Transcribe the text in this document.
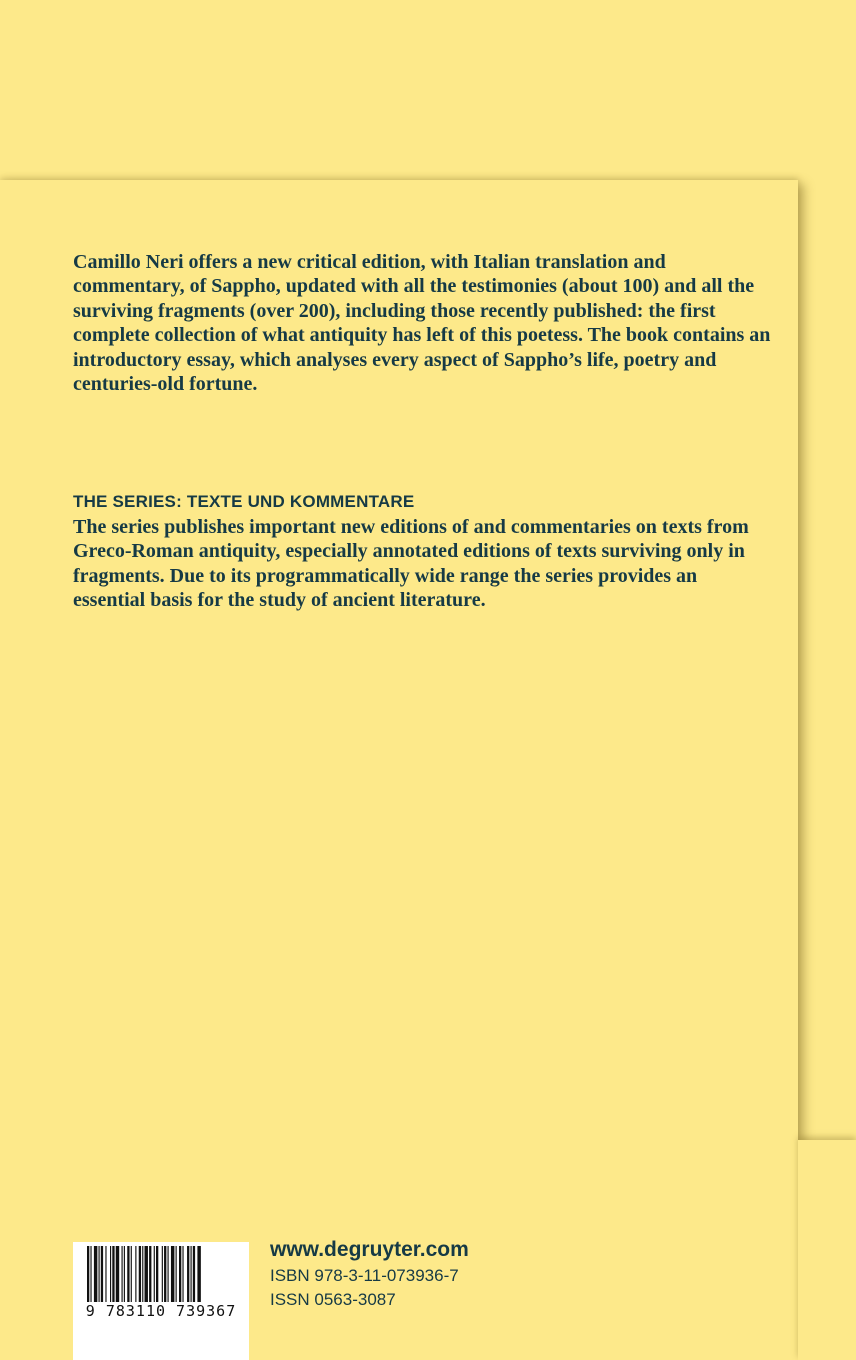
Camillo Neri offers a new critical edition, with Italian translation and commentary, of Sappho, updated with all the testimonies (about 100) and all the surviving fragments (over 200), including those recently published: the first complete collection of what antiquity has left of this poetess. The book contains an introductory essay, which analyses every aspect of Sappho’s life, poetry and centuries-old fortune.

THE SERIES: TEXTE UND KOMMENTARE

The series publishes important new editions of and commentaries on texts from Greco-Roman antiquity, especially annotated editions of texts surviving only in fragments. Due to its programmatically wide range the series provides an essential basis for the study of ancient literature.

9 783110 739367
www.degruyter.com
ISBN 978-3-11-073936-7
ISSN 0563-3087
